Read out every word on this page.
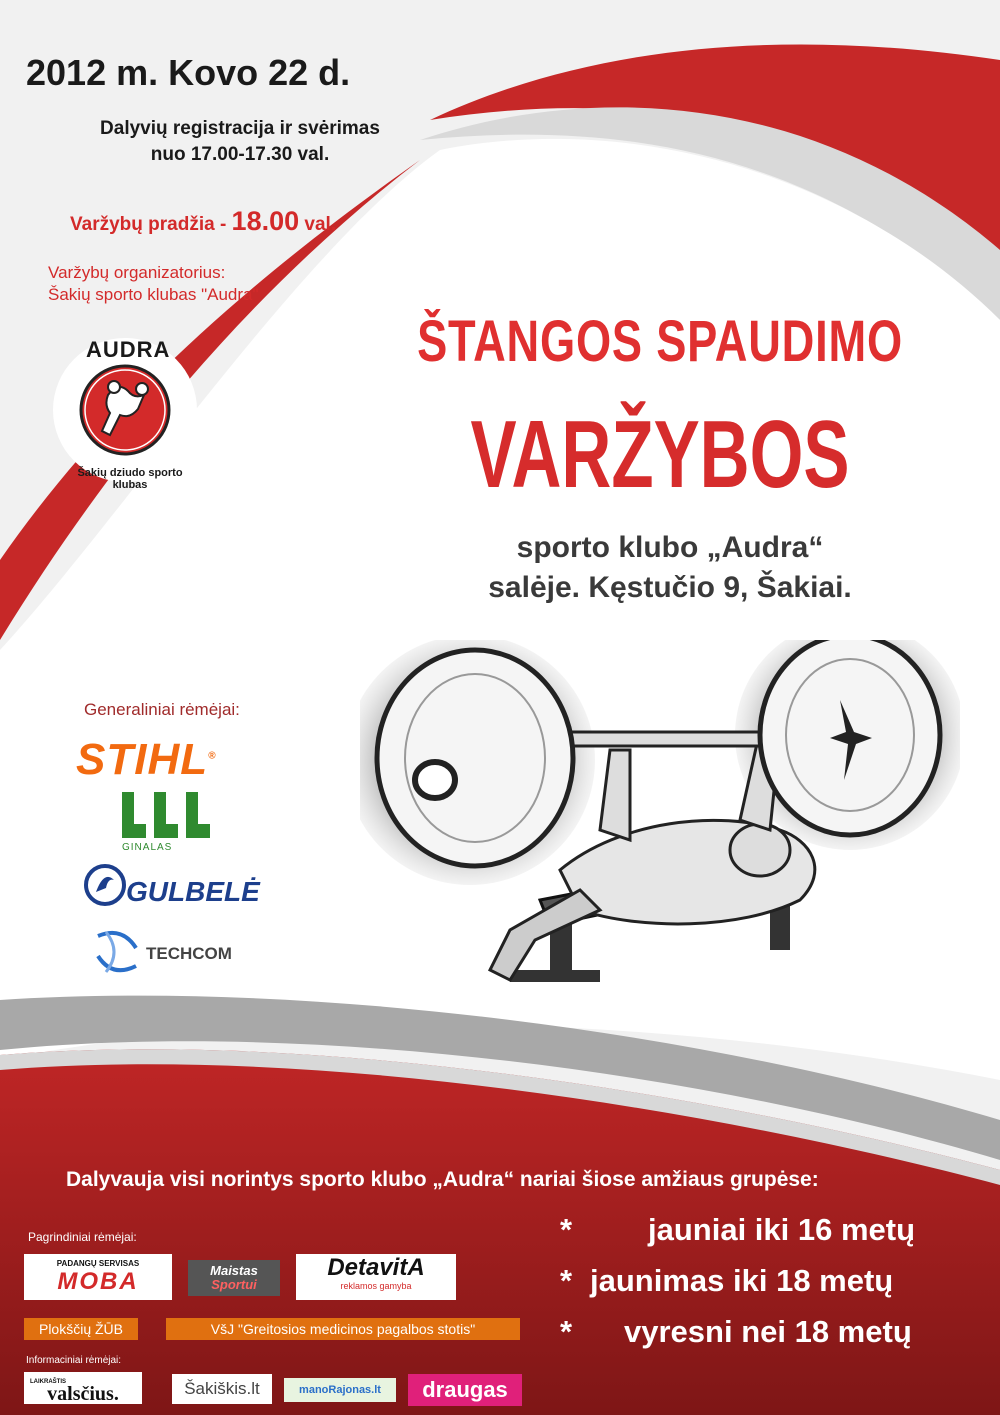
2012 m. Kovo 22 d.
Dalyvių registracija ir svėrimas
nuo 17.00-17.30 val.
Varžybų pradžia - 18.00 val.
Varžybų organizatorius:
Šakių sporto klubas "Audra"
AUDRA
Šakių dziudo sporto klubas
ŠTANGOS SPAUDIMO
VARŽYBOS
sporto klubo „Audra“
salėje. Kęstučio 9, Šakiai.
Generaliniai rėmėjai:
STIHL®
GINALAS
GULBELĖ
TECHCOM
Dalyvauja visi norintys sporto klubo „Audra“ nariai šiose amžiaus grupėse:
* jauniai iki 16 metų
* jaunimas iki 18 metų
* vyresni nei 18 metų
Pagrindiniai rėmėjai:
PADANGŲ SERVISAS
MOBA	Maistas
Sportui
DetavitA
reklamos gamyba
Plokščių ŽŪB	VšJ "Greitosios medicinos pagalbos stotis"
Informaciniai rėmėjai:
LAIKRAŠTIS
valsčius.	Šakiškis.lt	manoRajonas.lt	draugas
